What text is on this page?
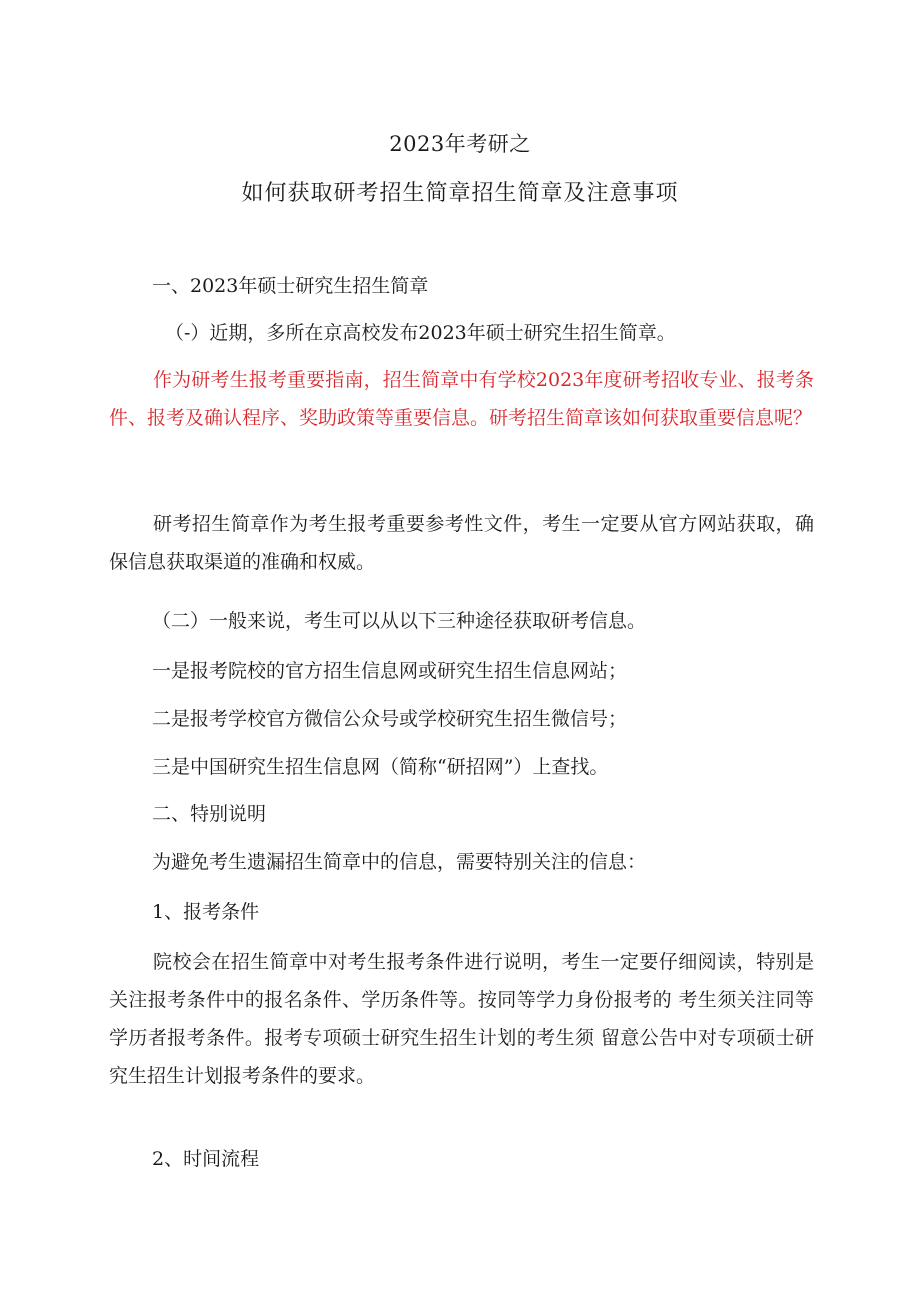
2023年考研之
如何获取研考招生简章招生简章及注意事项
一、2023年硕士研究生招生简章
（-）近期，多所在京高校发布2023年硕士研究生招生简章。
作为研考生报考重要指南，招生简章中有学校2023年度研考招收专业、报考条件、报考及确认程序、奖助政策等重要信息。研考招生简章该如何获取重要信息呢？
研考招生简章作为考生报考重要参考性文件，考生一定要从官方网站获取，确保信息获取渠道的准确和权威。
（二）一般来说，考生可以从以下三种途径获取研考信息。
一是报考院校的官方招生信息网或研究生招生信息网站；
二是报考学校官方微信公众号或学校研究生招生微信号；
三是中国研究生招生信息网（简称“研招网”）上查找。
二、特别说明
为避免考生遗漏招生简章中的信息，需要特别关注的信息：
1、报考条件
院校会在招生简章中对考生报考条件进行说明，考生一定要仔细阅读，特别是关注报考条件中的报名条件、学历条件等。按同等学力身份报考的 考生须关注同等学历者报考条件。报考专项硕士研究生招生计划的考生须 留意公告中对专项硕士研究生招生计划报考条件的要求。
2、时间流程
